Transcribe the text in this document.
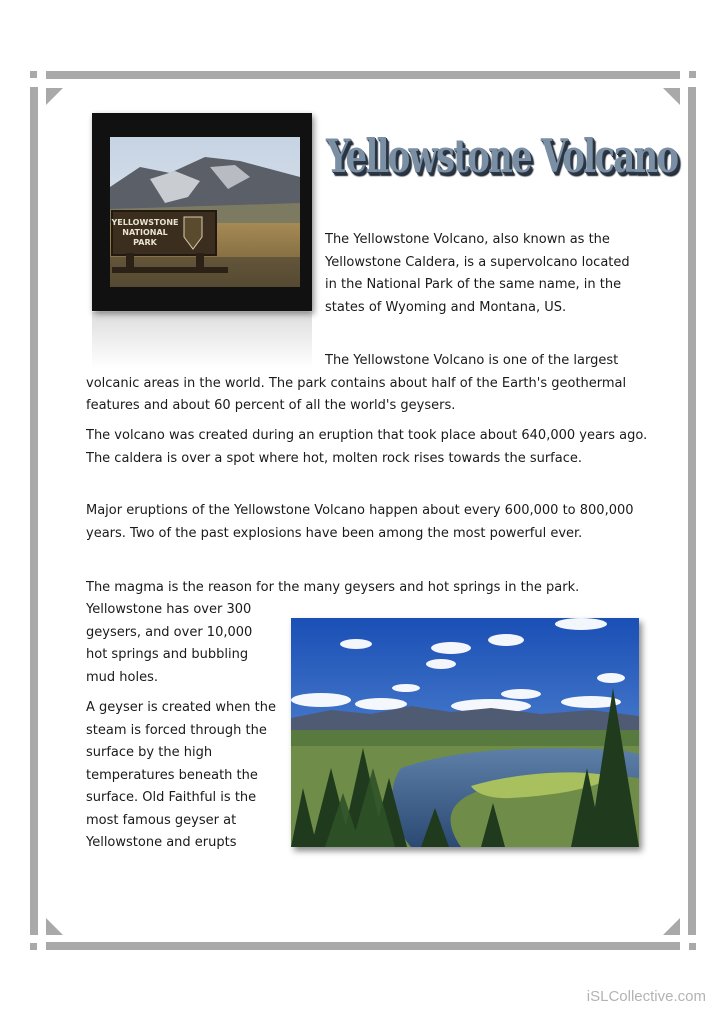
YELLOWSTONE
NATIONAL
PARK
Yellowstone Volcano

The Yellowstone Volcano, also known as the Yellowstone Caldera, is a supervolcano located in the National Park of the same name, in the states of Wyoming and Montana, US.

The Yellowstone Volcano is one of the largest volcanic areas in the world. The park contains about half of the Earth's geothermal features and about 60 percent of all the world's geysers.

The volcano was created during an eruption that took place about 640,000 years ago. The caldera is over a spot where hot, molten rock rises towards the surface.

Major eruptions of the Yellowstone Volcano happen about every 600,000 to 800,000 years. Two of the past explosions have been among the most powerful ever.

The magma is the reason for the many geysers and hot springs in the park.

Yellowstone has over 300 geysers, and over 10,000 hot springs and bubbling mud holes.

A geyser is created when the steam is forced through the surface by the high temperatures beneath the surface. Old Faithful is the most famous geyser at Yellowstone and erupts

iSLCollective.com
